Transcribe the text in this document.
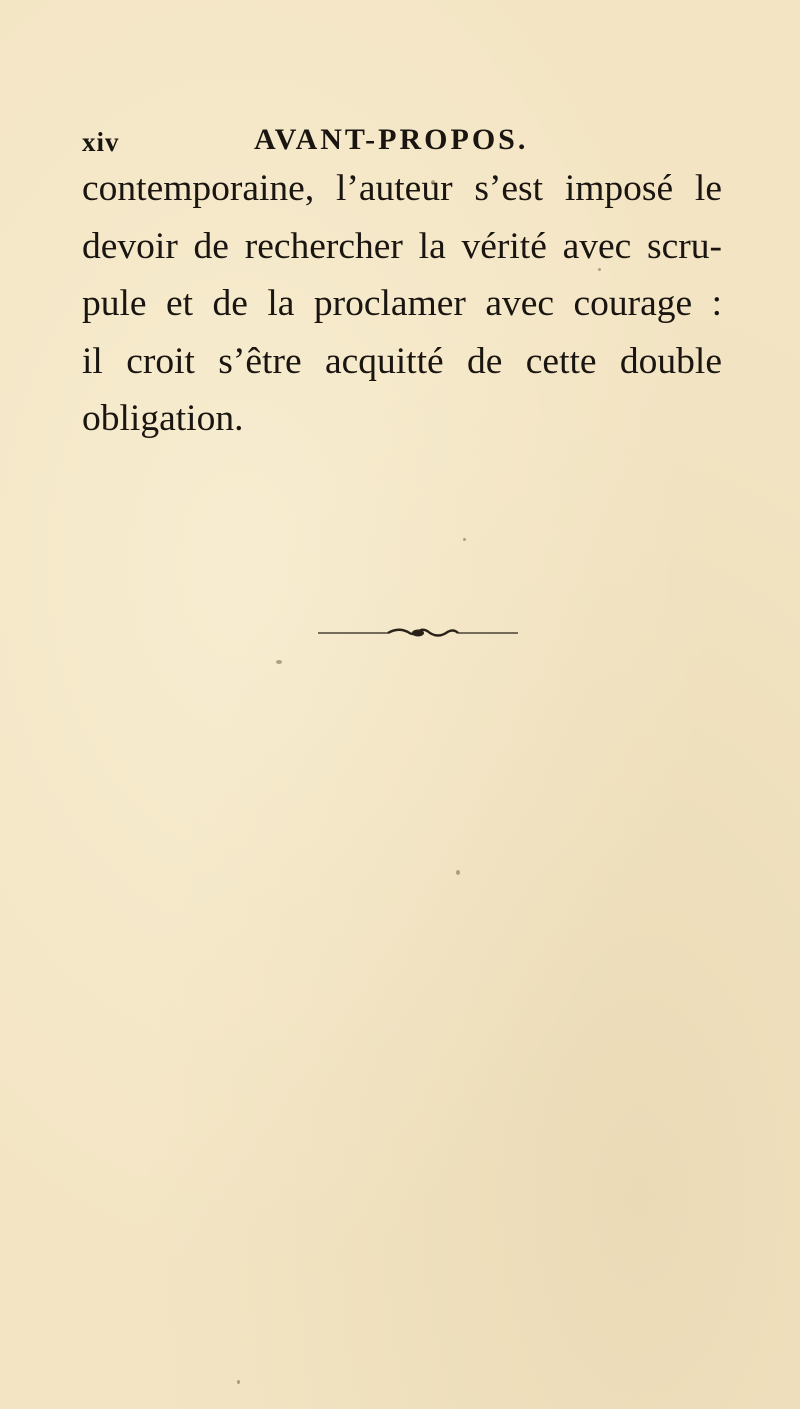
xiv	AVANT-PROPOS.
contemporaine, l’auteur s’est imposé le
devoir de rechercher la vérité avec scru-
pule et de la proclamer avec courage :
il croit s’être acquitté de cette double
obligation.
